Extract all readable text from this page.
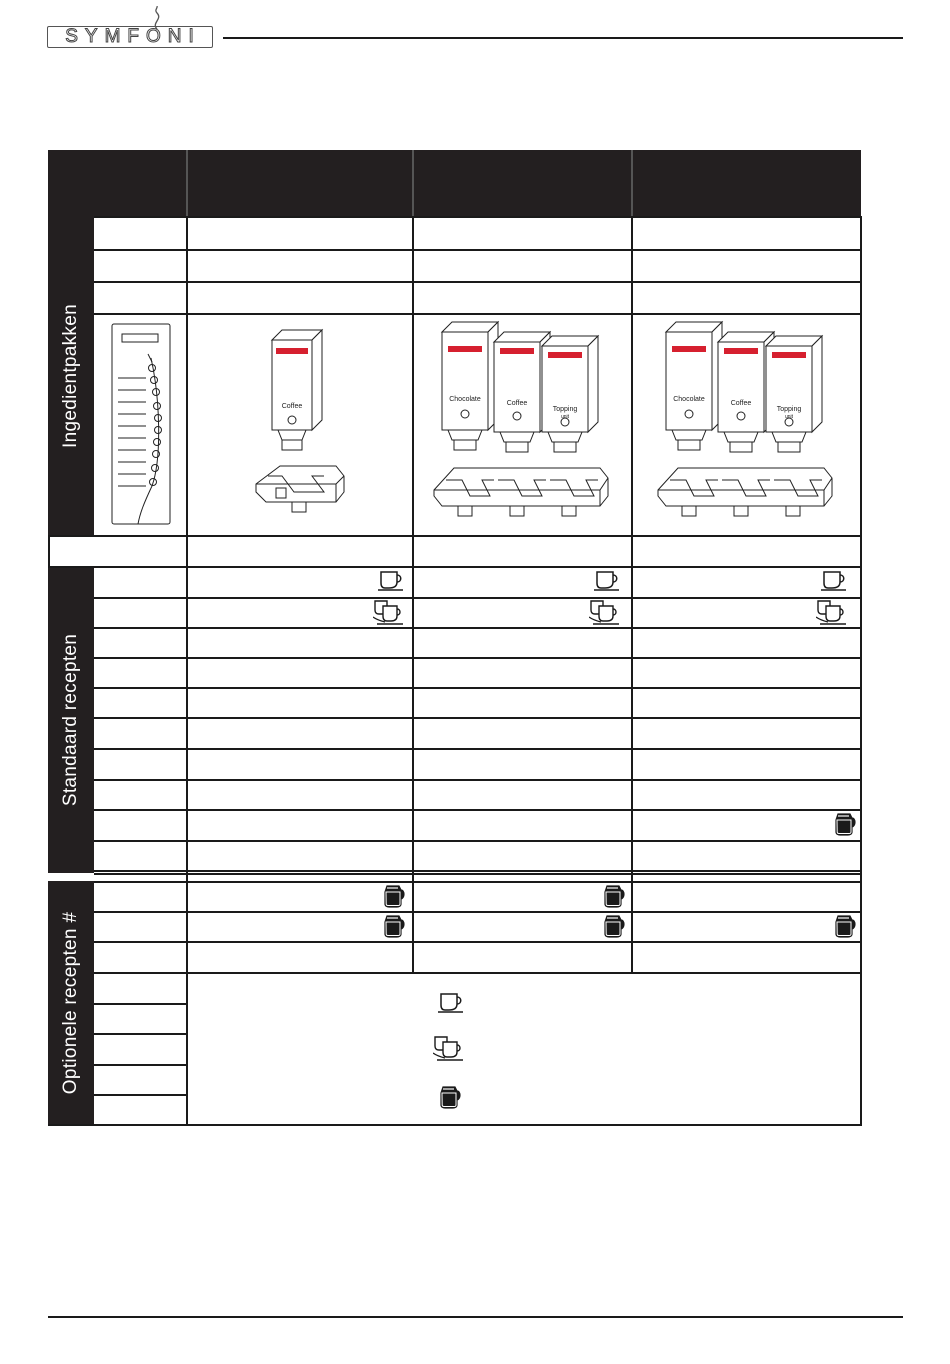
SYMFONI
Ingedientpakken
Standaard recepten
Optionele recepten #
Coffee
Chocolate
Coffee
Topping
unit
Chocolate
Coffee
Topping
unit
